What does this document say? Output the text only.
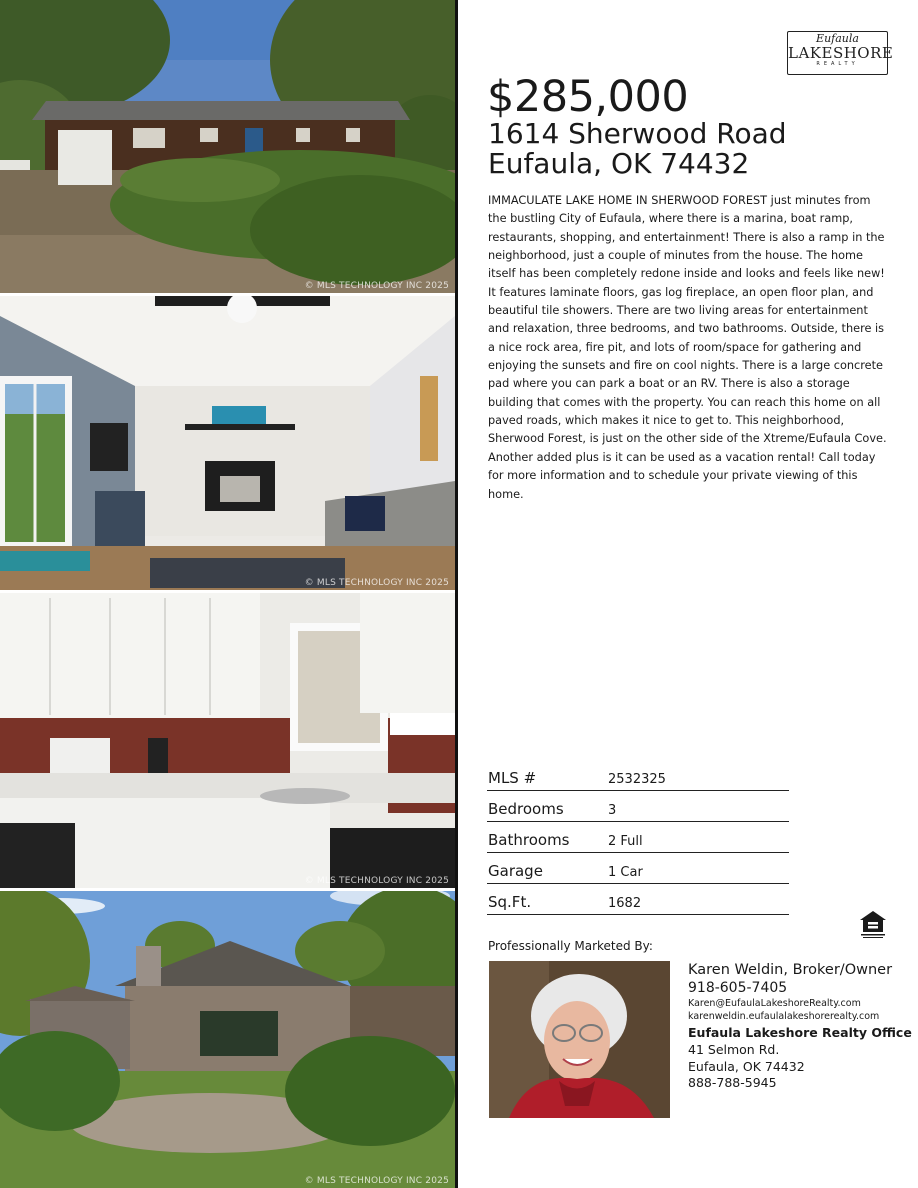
© MLS TECHNOLOGY INC 2025
© MLS TECHNOLOGY INC 2025
© MLS TECHNOLOGY INC 2025
© MLS TECHNOLOGY INC 2025
Eufaula
LAKESHORE
REALTY
$285,000
1614 Sherwood Road
Eufaula, OK 74432
IMMACULATE LAKE HOME IN SHERWOOD FOREST just minutes from the bustling City of Eufaula, where there is a marina, boat ramp, restaurants, shopping, and entertainment! There is also a ramp in the neighborhood, just a couple of minutes from the house. The home itself has been completely redone inside and looks and feels like new! It features laminate floors, gas log fireplace, an open floor plan, and beautiful tile showers. There are two living areas for entertainment and relaxation, three bedrooms, and two bathrooms. Outside, there is a nice rock area, fire pit, and lots of room/space for gathering and enjoying the sunsets and fire on cool nights. There is a large concrete pad where you can park a boat or an RV. There is also a storage building that comes with the property. You can reach this home on all paved roads, which makes it nice to get to. This neighborhood, Sherwood Forest, is just on the other side of the Xtreme/Eufaula Cove. Another added plus is it can be used as a vacation rental! Call today for more information and to schedule your private viewing of this home.
MLS #	2532325
Bedrooms	3
Bathrooms	2 Full
Garage	1 Car
Sq.Ft.	1682
Professionally Marketed By:
Karen Weldin, Broker/Owner
918-605-7405
Karen@EufaulaLakeshoreRealty.com
karenweldin.eufaulalakeshorerealty.com
Eufaula Lakeshore Realty Office
41 Selmon Rd.
Eufaula, OK 74432
888-788-5945
